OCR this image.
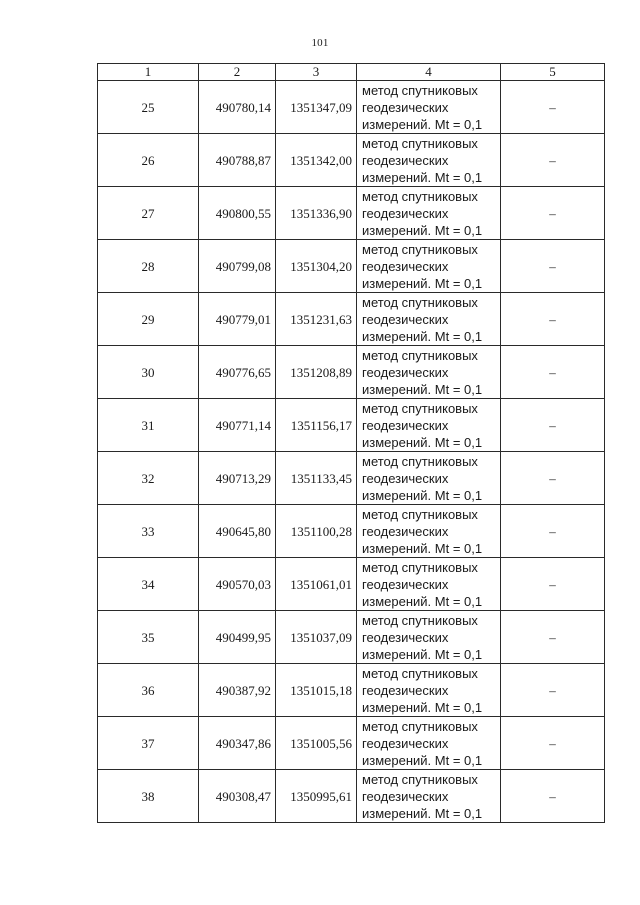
101
1	2	3	4	5
25	490780,14	1351347,09	метод спутниковых
геодезических
измерений. Mt = 0,1	–
26	490788,87	1351342,00	метод спутниковых
геодезических
измерений. Mt = 0,1	–
27	490800,55	1351336,90	метод спутниковых
геодезических
измерений. Mt = 0,1	–
28	490799,08	1351304,20	метод спутниковых
геодезических
измерений. Mt = 0,1	–
29	490779,01	1351231,63	метод спутниковых
геодезических
измерений. Mt = 0,1	–
30	490776,65	1351208,89	метод спутниковых
геодезических
измерений. Mt = 0,1	–
31	490771,14	1351156,17	метод спутниковых
геодезических
измерений. Mt = 0,1	–
32	490713,29	1351133,45	метод спутниковых
геодезических
измерений. Mt = 0,1	–
33	490645,80	1351100,28	метод спутниковых
геодезических
измерений. Mt = 0,1	–
34	490570,03	1351061,01	метод спутниковых
геодезических
измерений. Mt = 0,1	–
35	490499,95	1351037,09	метод спутниковых
геодезических
измерений. Mt = 0,1	–
36	490387,92	1351015,18	метод спутниковых
геодезических
измерений. Mt = 0,1	–
37	490347,86	1351005,56	метод спутниковых
геодезических
измерений. Mt = 0,1	–
38	490308,47	1350995,61	метод спутниковых
геодезических
измерений. Mt = 0,1	–
